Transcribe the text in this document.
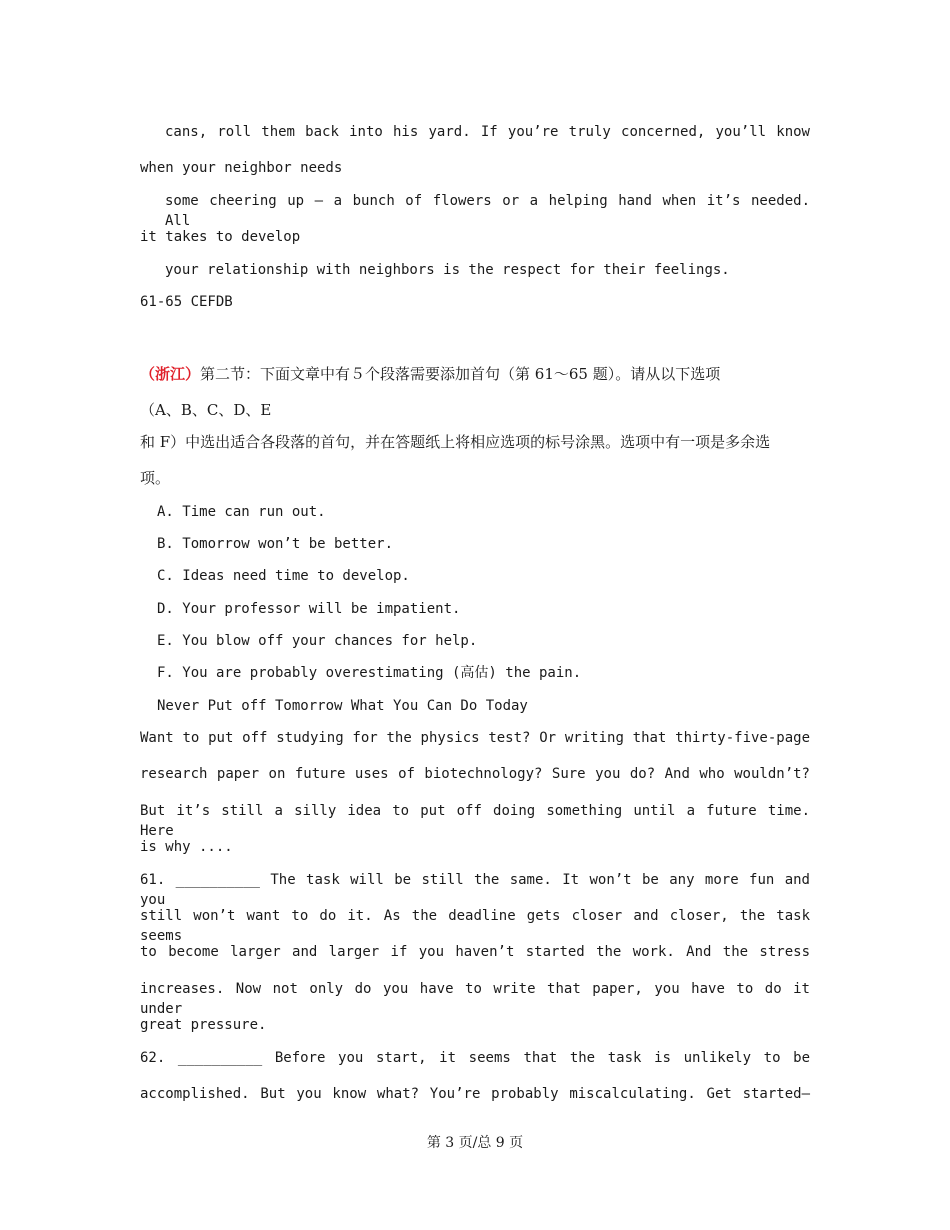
cans, roll them back into his yard. If you’re truly concerned, you’ll know
when your neighbor needs
some cheering up — a bunch of flowers or a helping hand when it’s needed. All
it takes to develop
your relationship with neighbors is the respect for their feelings.
61-65 CEFDB
（浙江）第二节：下面文章中有５个段落需要添加首句（第 61～65 题）。请从以下选项
（A、B、C、D、E
和 F）中选出适合各段落的首句，并在答题纸上将相应选项的标号涂黑。选项中有一项是多余选
项。
A. Time can run out.
B. Tomorrow won’t be better.
C. Ideas need time to develop.
D. Your professor will be impatient.
E. You blow off your chances for help.
F. You are probably overestimating (高估) the pain.
Never Put off Tomorrow What You Can Do Today
Want to put off studying for the physics test? Or writing that thirty-five-page
research paper on future uses of biotechnology? Sure you do? And who wouldn’t?
But it’s still a silly idea to put off doing something until a future time. Here
is why ....
61. __________ The task will be still the same. It won’t be any more fun and you
still won’t want to do it. As the deadline gets closer and closer, the task seems
to become larger and larger if you haven’t started the work. And the stress
increases. Now not only do you have to write that paper, you have to do it under
great pressure.
62. __________ Before you start, it seems that the task is unlikely to be
accomplished. But you know what? You’re probably miscalculating. Get started—
第 3 页/总 9 页
